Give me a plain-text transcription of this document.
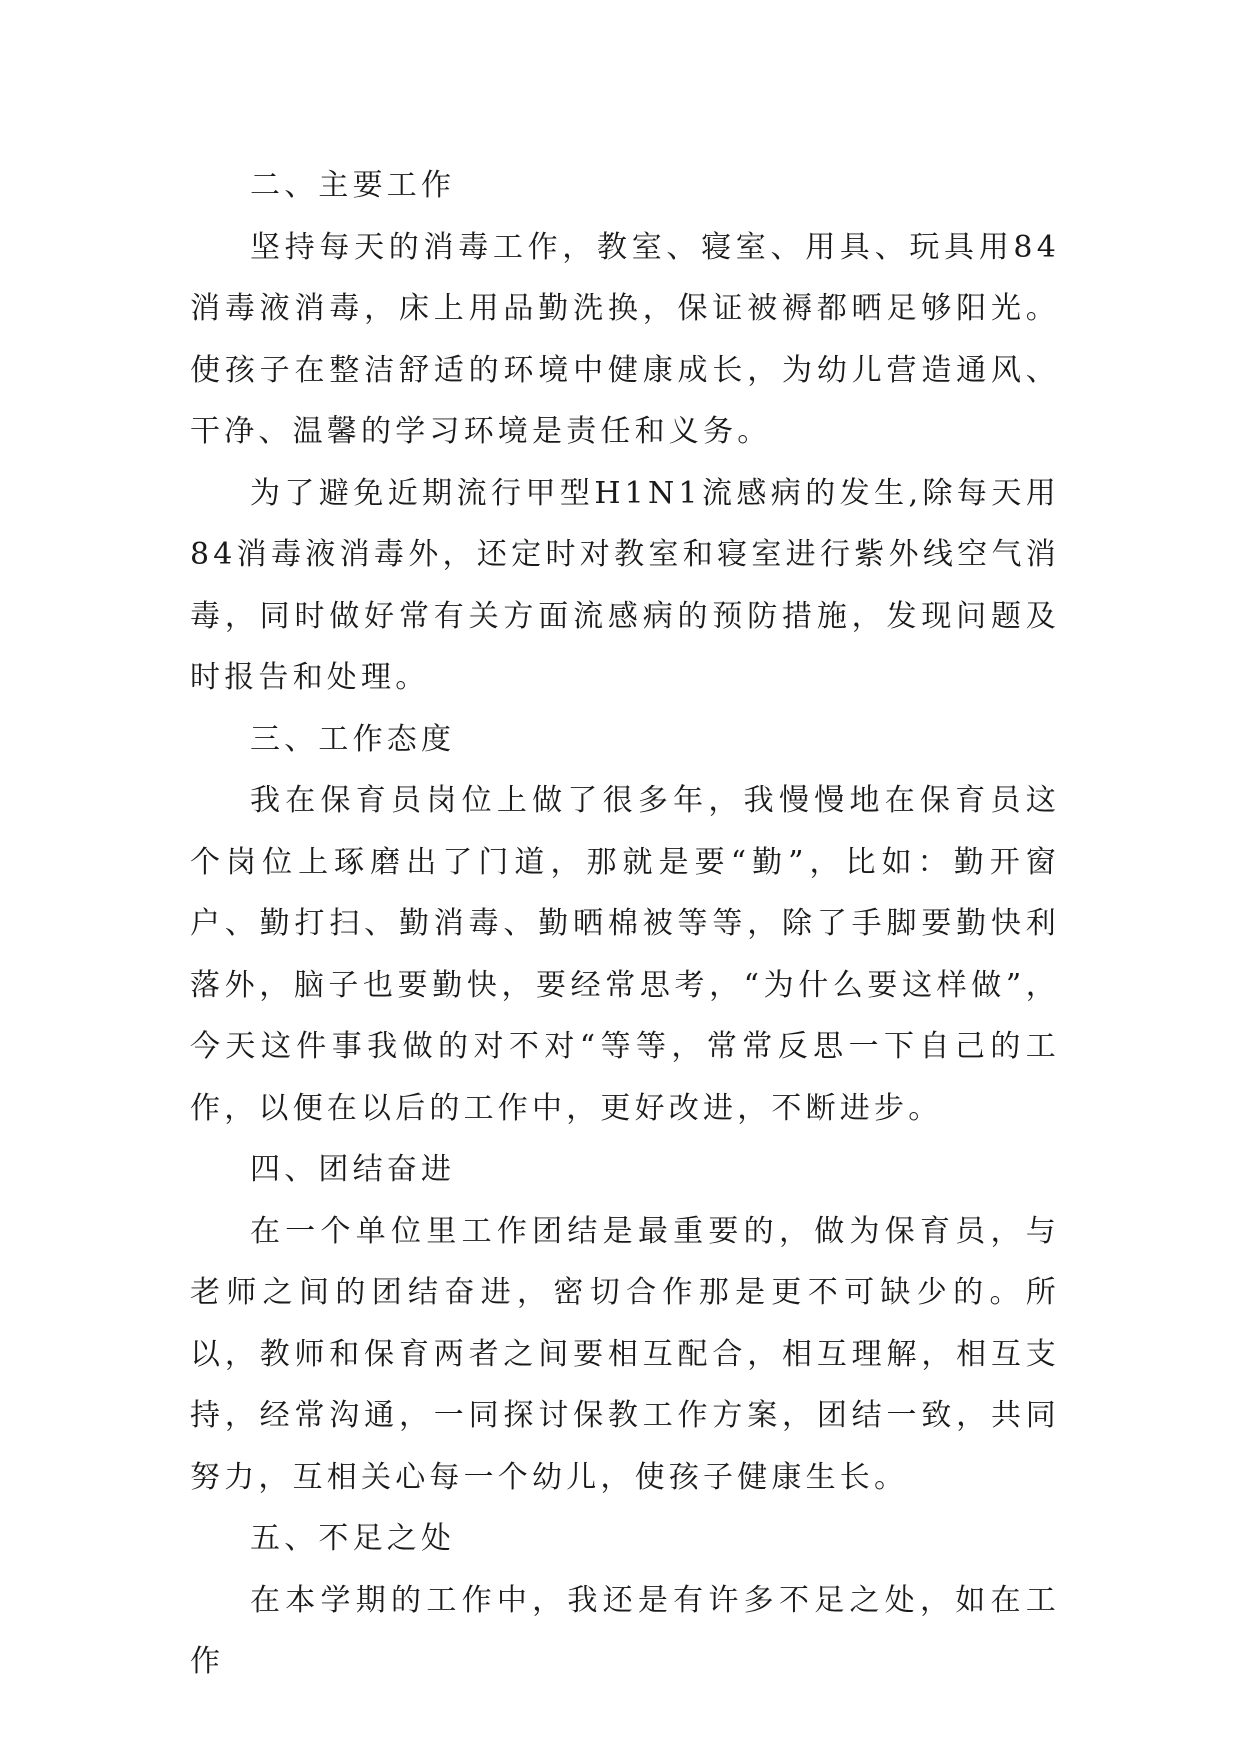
二、主要工作

坚持每天的消毒工作，教室、寝室、用具、玩具用84消毒液消毒，床上用品勤洗换，保证被褥都晒足够阳光。使孩子在整洁舒适的环境中健康成长，为幼儿营造通风、干净、温馨的学习环境是责任和义务。

为了避免近期流行甲型H1N1流感病的发生,除每天用84消毒液消毒外，还定时对教室和寝室进行紫外线空气消毒，同时做好常有关方面流感病的预防措施，发现问题及时报告和处理。

三、工作态度

我在保育员岗位上做了很多年，我慢慢地在保育员这个岗位上琢磨出了门道，那就是要“勤”，比如：勤开窗户、勤打扫、勤消毒、勤晒棉被等等，除了手脚要勤快利落外，脑子也要勤快，要经常思考，“为什么要这样做”，今天这件事我做的对不对“等等，常常反思一下自己的工作，以便在以后的工作中，更好改进，不断进步。

四、团结奋进

在一个单位里工作团结是最重要的，做为保育员，与老师之间的团结奋进，密切合作那是更不可缺少的。所以，教师和保育两者之间要相互配合，相互理解，相互支持，经常沟通，一同探讨保教工作方案，团结一致，共同努力，互相关心每一个幼儿，使孩子健康生长。

五、不足之处

在本学期的工作中，我还是有许多不足之处，如在工作
